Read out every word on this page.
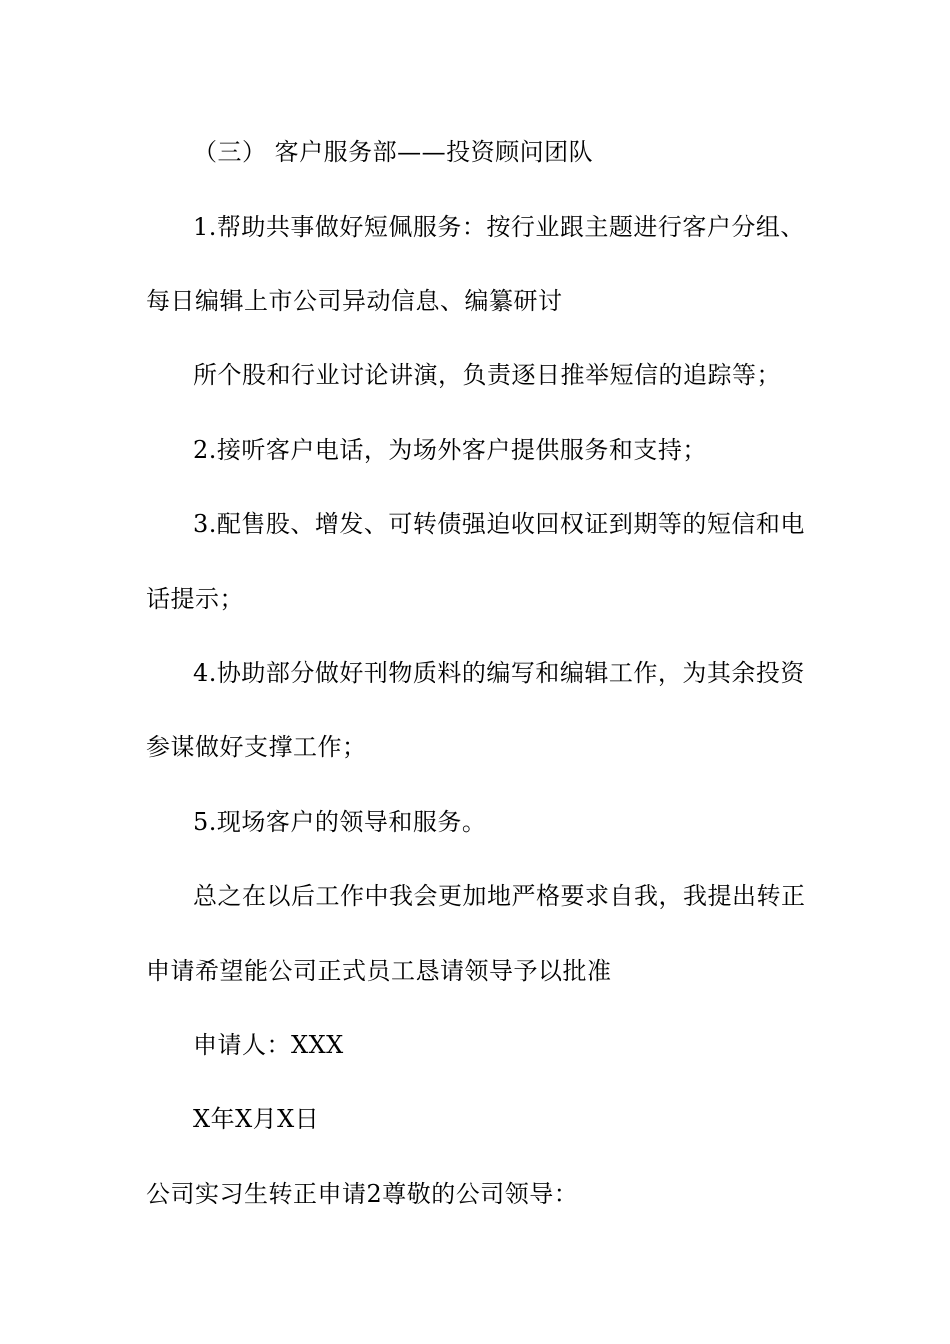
（三） 客户服务部——投资顾问团队
1.帮助共事做好短佩服务：按行业跟主题进行客户分组、
每日编辑上市公司异动信息、编纂研讨
所个股和行业讨论讲演，负责逐日推举短信的追踪等；
2.接听客户电话，为场外客户提供服务和支持；
3.配售股、增发、可转债强迫收回权证到期等的短信和电
话提示；
4.协助部分做好刊物质料的编写和编辑工作，为其余投资
参谋做好支撑工作；
5.现场客户的领导和服务。
总之在以后工作中我会更加地严格要求自我，我提出转正
申请希望能公司正式员工恳请领导予以批准
申请人：XXX
X年X月X日
公司实习生转正申请2尊敬的公司领导：
